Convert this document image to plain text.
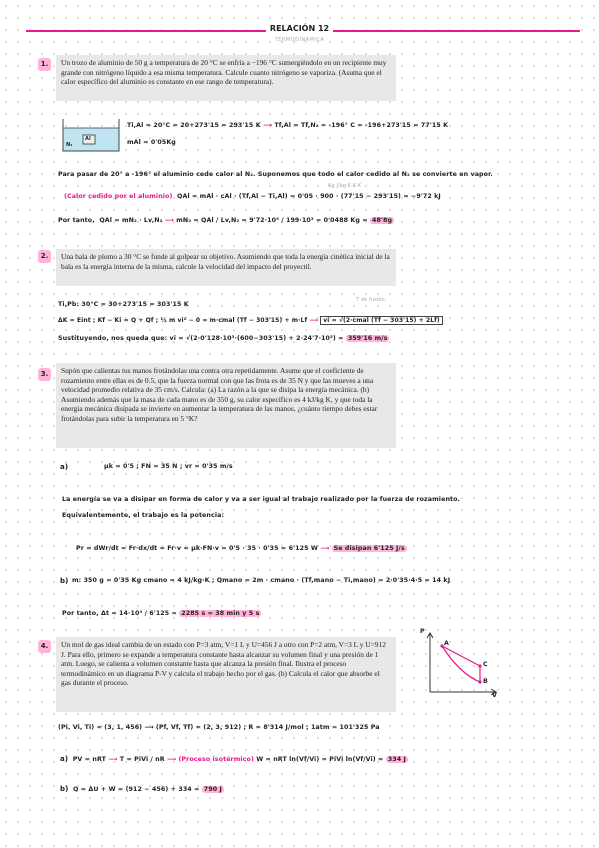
RELACIÓN 12
TERMODINÁMICA
1.	Un trozo de aluminio de 50 g a temperatura de 20 °C se enfría a −196 °C sumergiéndolo en un recipiente muy grande con nitrógeno líquido a esa misma temperatura. Calcule cuanto nitrógeno se vaporiza. (Asuma que el calor específico del aluminio es constante en ese rango de temperatura).
Al
N₂
Ti,Al = 20°C = 20+273'15 = 293'15 K ⟶ Tf,Al = Tf,N₂ = -196° C = -196+273'15 = 77'15 K
mAl = 0'05Kg
Para pasar de 20° a -196° el aluminio cede calor al N₂. Suponemos que todo el calor cedido al N₂ se convierte en vapor.
Kg J/kg·K K K
(Calor cedido por el aluminio) QAl = mAl · cAl · (Tf,Al − Ti,Al) = 0'05 · 900 · (77'15 − 293'15) = −9'72 kJ
Por tanto, QAl = mN₂ · Lv,N₂ ⟶ mN₂ = QAl / Lv,N₂ = 9'72·10³ / 199·10³ = 0'0488 Kg = 48'8g
2.	Una bala de plomo a 30 °C se funde al golpear su objetivo. Asumiendo que toda la energía cinética inicial de la bala es la energía interna de la misma, calcule la velocidad del impacto del proyectil.
T de fusión
Ti,Pb: 30°C = 30+273'15 = 303'15 K
ΔK = Eint ; Kf − Ki = Q + Qf ; ½ m vi² − 0 = m·cmal (Tf − 303'15) + m·Lf ⟶ vi = √(2·cmal (Tf − 303'15) + 2Lf)
Sustituyendo, nos queda que: vi = √(2·0'128·10³·(600−303'15) + 2·24'7·10³) = 359'16 m/s
3.	Supón que calientas tus manos frotándolas una contra otra repetidamente. Asume que el coeficiente de rozamiento entre ellas es de 0.5, que la fuerza normal con que las frota es de 35 N y que las mueves a una velocidad promedio relativa de 35 cm/s. Calcula: (a) La razón a la que se disipa la energía mecánica. (b) Asumiendo además que la masa de cada mano es de 350 g, su calor específico es 4 kJ/kg K, y que toda la energía mecánica disipada se invierte en aumentar la temperatura de las manos, ¿cuánto tiempo debes estar frotándolas para subir la temperatura en 5 °K?
a)	μk = 0'5 ; FN = 35 N ; vr = 0'35 m/s
La energía se va a disipar en forma de calor y va a ser igual al trabajo realizado por la fuerza de rozamiento.
Equivalentemente, el trabajo es la potencia:
Pr = dWr/dt = Fr·dx/dt = Fr·v = μk·FN·v = 0'5 · 35 · 0'35 = 6'125 W ⟶ Se disipan 6'125 J/s
b) m: 350 g = 0'35 Kg cmano = 4 kJ/kg·K ; Qmano = 2m · cmano · (Tf,mano − Ti,mano) = 2·0'35·4·5 = 14 kJ
Por tanto, Δt = 14·10³ / 6'125 = 2285 s = 38 min y 5 s
4.	Un mol de gas ideal cambia de un estado con P=3 atm, V=1 L y U=456 J a otro con P=2 atm, V=3 L y U=912 J. Para ello, primero se expande a temperatura constante hasta alcanzar su volumen final y una presión de 1 atm. Luego, se calienta a volumen constante hasta que alcanza la presión final. Ilustra el proceso termodinámico en un diagrama P-V y calcula el trabajo hecho por el gas. (b) Calcula el calor que absorbe el gas durante el proceso.
P
V
A
C
B
(Pi, Vi, Ti) = (3, 1, 456) ⟶ (Pf, Vf, Tf) = (2, 3, 912) ; R = 8'314 J/mol ; 1atm = 101'325 Pa
a) PV = nRT ⟶ T = PiVi / nR ⟶ (Proceso isotérmico) W = nRT ln(Vf/Vi) = PiVi ln(Vf/Vi) = 334 J
b) Q = ΔU + W = (912 − 456) + 334 = 790 J
